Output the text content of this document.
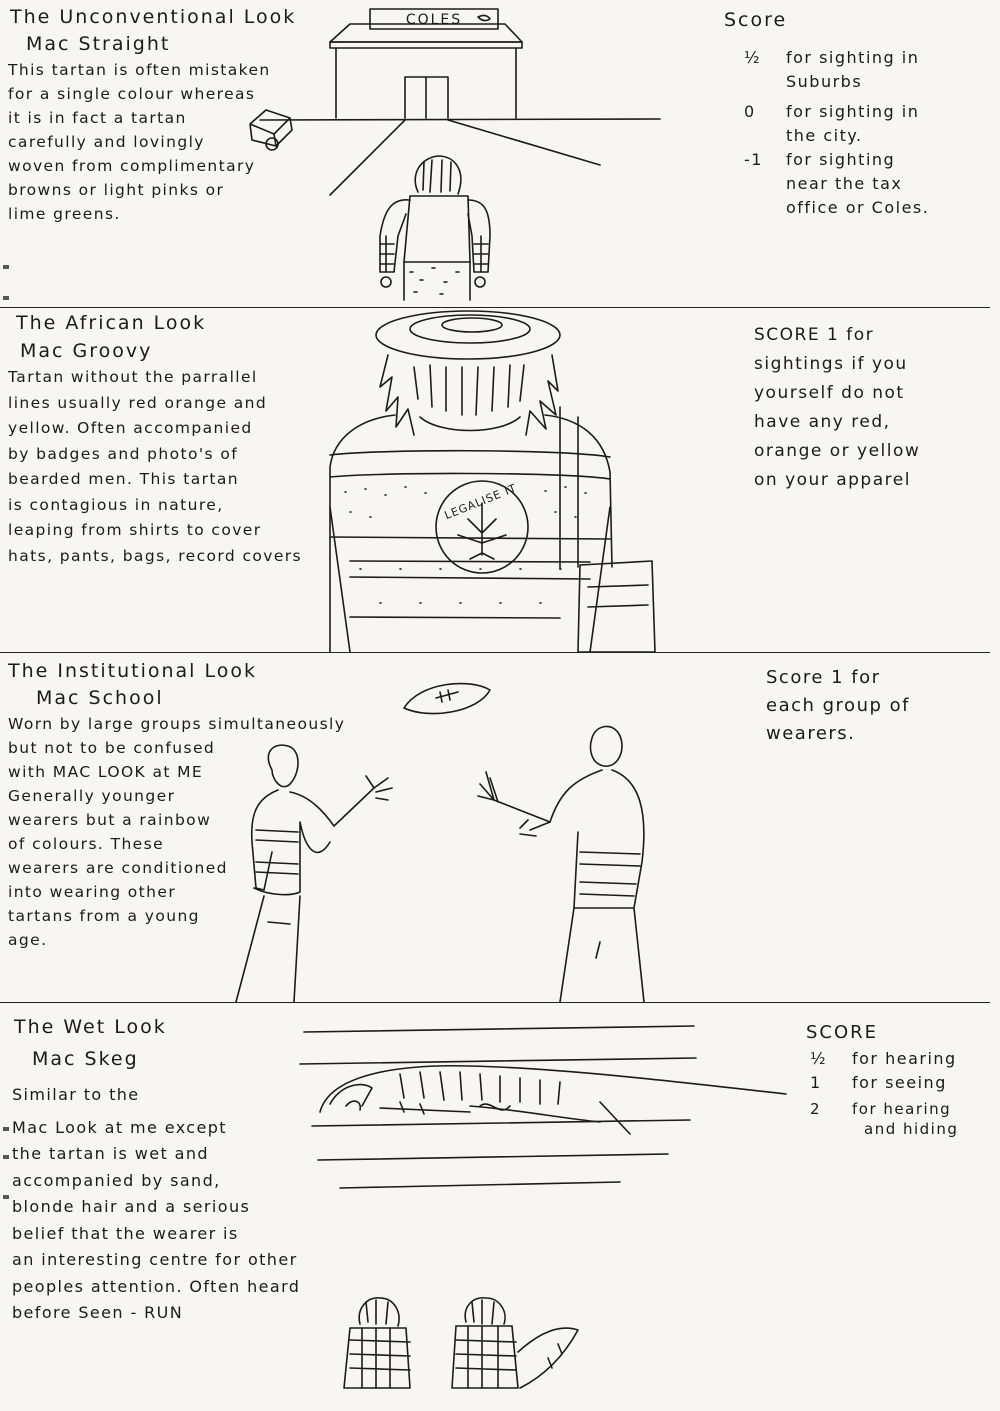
The Unconventional Look
Mac Straight
This tartan is often mistaken
for a single colour whereas
it is in fact a tartan
carefully and lovingly
woven from complimentary
browns or light pinks or
lime greens.
COLES	Score
½	for sighting in
Suburbs
0	for sighting in
the city.
-1	for sighting
near the tax
office or Coles.
The African Look
Mac Groovy
Tartan without the parrallel
lines usually red orange and
yellow. Often accompanied
by badges and photo's of
bearded men. This tartan
is contagious in nature,
leaping from shirts to cover
hats, pants, bags, record covers
LEGALISE IT
SCORE 1 for
sightings if you
yourself do not
have any red,
orange or yellow
on your apparel
The Institutional Look
Mac School
Worn by large groups simultaneously
but not to be confused
with MAC LOOK at ME
Generally younger
wearers but a rainbow
of colours. These
wearers are conditioned
into wearing other
tartans from a young
age.
Score 1 for
each group of
wearers.
The Wet Look
Mac Skeg
Similar to the
Mac Look at me except
the tartan is wet and
accompanied by sand,
blonde hair and a serious
belief that the wearer is
an interesting centre for other
peoples attention. Often heard
before Seen - RUN
SCORE
½	for hearing
1	for seeing
2	for hearing
and hiding
